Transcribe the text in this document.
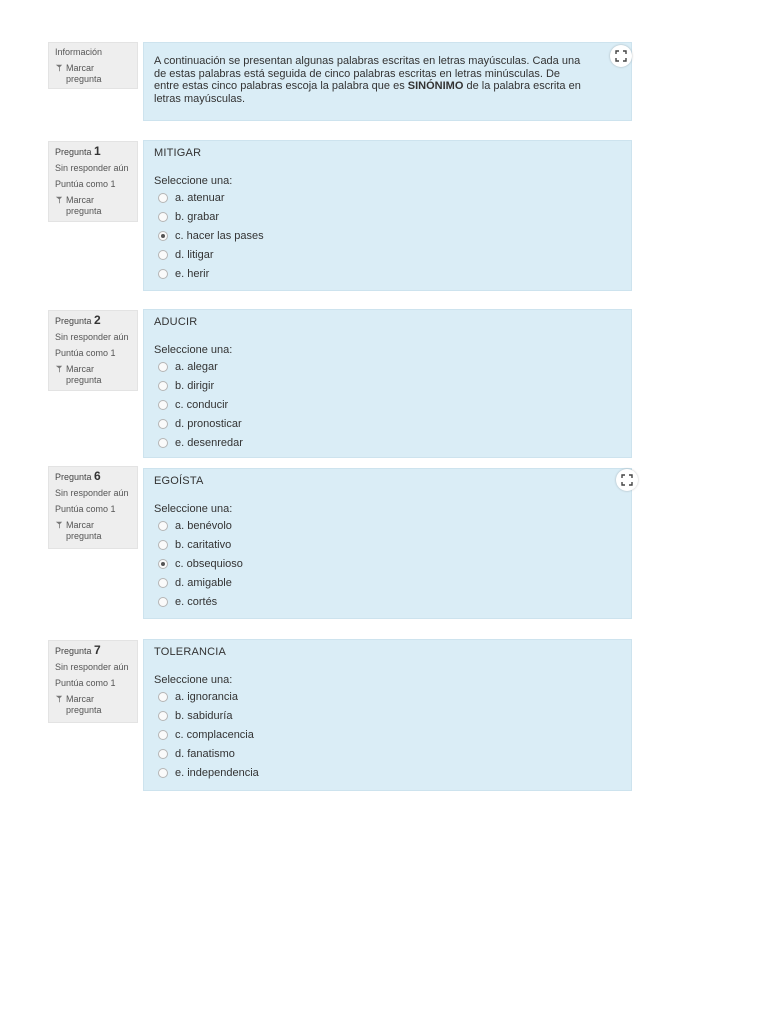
Información
Marcar
pregunta
A continuación se presentan algunas palabras escritas en letras mayúsculas. Cada una de estas palabras está seguida de cinco palabras escritas en letras minúsculas. De entre estas cinco palabras escoja la palabra que es SINÓNIMO de la palabra escrita en letras mayúsculas.
Pregunta 1
Sin responder aún
Puntúa como 1
Marcar
pregunta
MITIGAR
Seleccione una:
a. atenuar
b. grabar
c. hacer las pases
d. litigar
e. herir
Pregunta 2
Sin responder aún
Puntúa como 1
Marcar
pregunta
ADUCIR
Seleccione una:
a. alegar
b. dirigir
c. conducir
d. pronosticar
e. desenredar
Pregunta 6
Sin responder aún
Puntúa como 1
Marcar
pregunta
EGOÍSTA
Seleccione una:
a. benévolo
b. caritativo
c. obsequioso
d. amigable
e. cortés
Pregunta 7
Sin responder aún
Puntúa como 1
Marcar
pregunta
TOLERANCIA
Seleccione una:
a. ignorancia
b. sabiduría
c. complacencia
d. fanatismo
e. independencia
